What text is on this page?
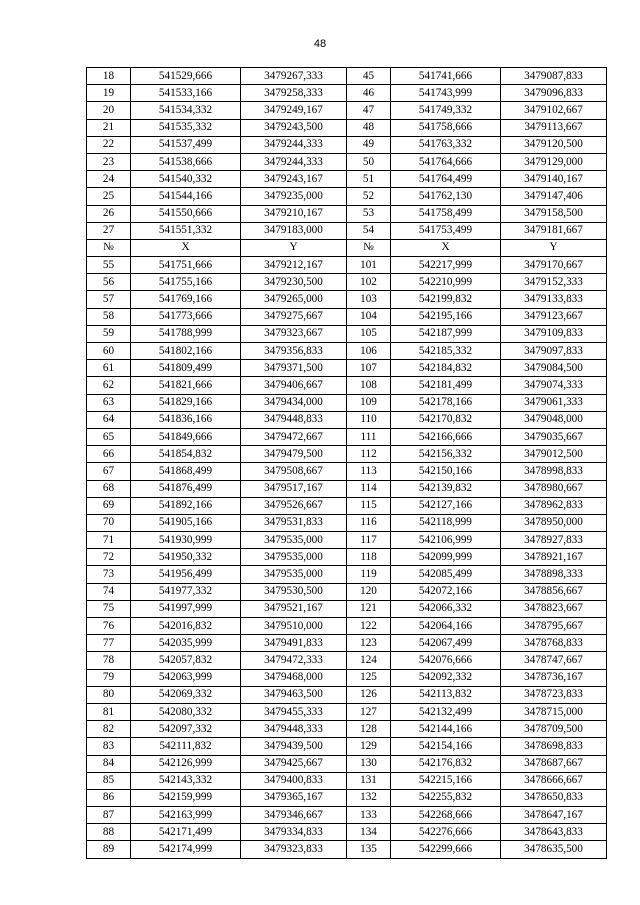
48
18	541529,666	3479267,333	45	541741,666	3479087,833
19	541533,166	3479258,333	46	541743,999	3479096,833
20	541534,332	3479249,167	47	541749,332	3479102,667
21	541535,332	3479243,500	48	541758,666	3479113,667
22	541537,499	3479244,333	49	541763,332	3479120,500
23	541538,666	3479244,333	50	541764,666	3479129,000
24	541540,332	3479243,167	51	541764,499	3479140,167
25	541544,166	3479235,000	52	541762,130	3479147,406
26	541550,666	3479210,167	53	541758,499	3479158,500
27	541551,332	3479183,000	54	541753,499	3479181,667
№	X	Y	№	X	Y
55	541751,666	3479212,167	101	542217,999	3479170,667
56	541755,166	3479230,500	102	542210,999	3479152,333
57	541769,166	3479265,000	103	542199,832	3479133,833
58	541773,666	3479275,667	104	542195,166	3479123,667
59	541788,999	3479323,667	105	542187,999	3479109,833
60	541802,166	3479356,833	106	542185,332	3479097,833
61	541809,499	3479371,500	107	542184,832	3479084,500
62	541821,666	3479406,667	108	542181,499	3479074,333
63	541829,166	3479434,000	109	542178,166	3479061,333
64	541836,166	3479448,833	110	542170,832	3479048,000
65	541849,666	3479472,667	111	542166,666	3479035,667
66	541854,832	3479479,500	112	542156,332	3479012,500
67	541868,499	3479508,667	113	542150,166	3478998,833
68	541876,499	3479517,167	114	542139,832	3478980,667
69	541892,166	3479526,667	115	542127,166	3478962,833
70	541905,166	3479531,833	116	542118,999	3478950,000
71	541930,999	3479535,000	117	542106,999	3478927,833
72	541950,332	3479535,000	118	542099,999	3478921,167
73	541956,499	3479535,000	119	542085,499	3478898,333
74	541977,332	3479530,500	120	542072,166	3478856,667
75	541997,999	3479521,167	121	542066,332	3478823,667
76	542016,832	3479510,000	122	542064,166	3478795,667
77	542035,999	3479491,833	123	542067,499	3478768,833
78	542057,832	3479472,333	124	542076,666	3478747,667
79	542063,999	3479468,000	125	542092,332	3478736,167
80	542069,332	3479463,500	126	542113,832	3478723,833
81	542080,332	3479455,333	127	542132,499	3478715,000
82	542097,332	3479448,333	128	542144,166	3478709,500
83	542111,832	3479439,500	129	542154,166	3478698,833
84	542126,999	3479425,667	130	542176,832	3478687,667
85	542143,332	3479400,833	131	542215,166	3478666,667
86	542159,999	3479365,167	132	542255,832	3478650,833
87	542163,999	3479346,667	133	542268,666	3478647,167
88	542171,499	3479334,833	134	542276,666	3478643,833
89	542174,999	3479323,833	135	542299,666	3478635,500
